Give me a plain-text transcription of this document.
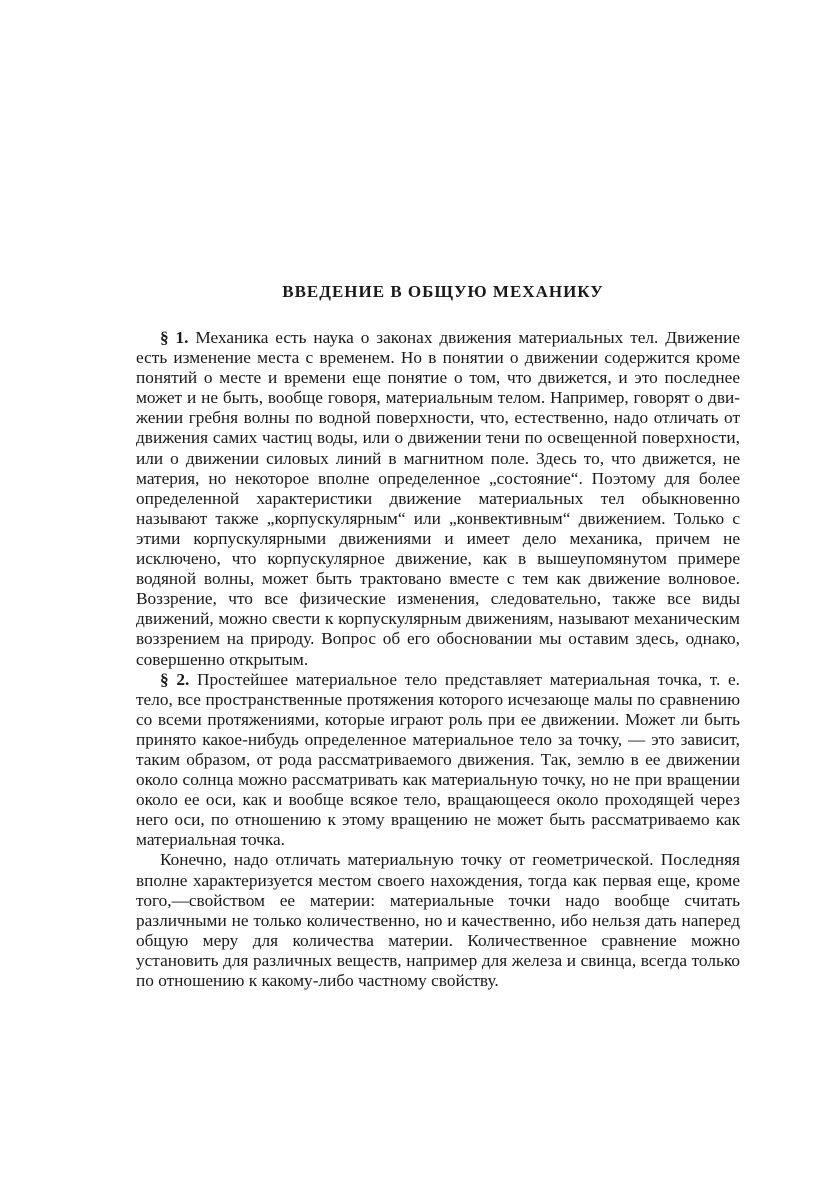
ВВЕДЕНИЕ В ОБЩУЮ МЕХАНИКУ

§ 1. Механика есть наука о законах движения материальных тел. Движение есть изменение места с временем. Но в понятии о движении содержится кроме понятий о месте и времени еще понятие о том, что движется, и это последнее может и не быть, вообще говоря, материальным телом. Например, говорят о движении гребня волны по водной поверхности, что, естественно, надо отличать от движения самих частиц воды, или о движении тени по освещенной поверхности, или о движении силовых линий в магнитном поле. Здесь то, что движется, не материя, но некоторое вполне определенное „состояние“. Поэтому для более определенной характеристики движение материальных тел обыкновенно называют также „корпускулярным“ или „конвективным“ движением. Только с этими корпускулярными движениями и имеет дело механика, причем не исключено, что корпускулярное движение, как в вышеупомянутом примере водяной волны, может быть трактовано вместе с тем как движение волновое. Воззрение, что все физические изменения, следовательно, также все виды движений, можно свести к корпускулярным движениям, называют механическим воззрением на природу. Вопрос об его обосновании мы оставим здесь, однако, совершенно открытым.

§ 2. Простейшее материальное тело представляет материальная точка, т. е. тело, все пространственные протяжения которого исчезающе малы по сравнению со всеми протяжениями, которые играют роль при ее движении. Может ли быть принято какое-нибудь определенное материальное тело за точку, — это зависит, таким образом, от рода рассматриваемого движения. Так, землю в ее движении около солнца можно рассматривать как материальную точку, но не при вращении около ее оси, как и вообще всякое тело, вращающееся около проходящей через него оси, по отношению к этому вращению не может быть рассматриваемо как материальная точка.

Конечно, надо отличать материальную точку от геометрической. Последняя вполне характеризуется местом своего нахождения, тогда как первая еще, кроме того,—свойством ее материи: материальные точки надо вообще считать различными не только количественно, но и качественно, ибо нельзя дать наперед общую меру для количества материи. Количественное сравнение можно установить для различных веществ, например для железа и свинца, всегда только по отношению к какому-либо частному свойству.
